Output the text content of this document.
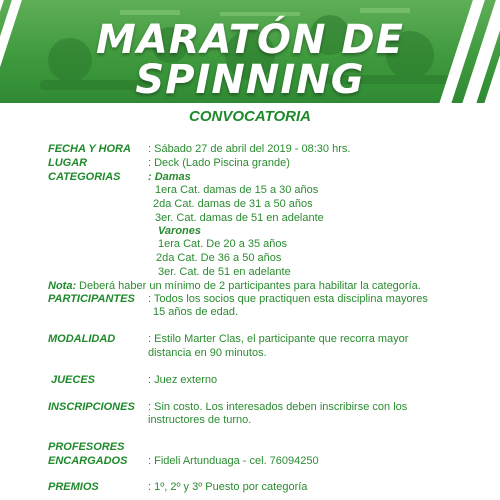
MARATÓN DE
SPINNING
CONVOCATORIA
FECHA Y HORA : Sábado 27 de abril del 2019 - 08:30 hrs.
LUGAR	: Deck (Lado Piscina grande)
CATEGORIAS : Damas
1era Cat. damas de 15 a 30 años
2da Cat. damas de 31 a 50 años
3er. Cat. damas de 51 en adelante
Varones
1era Cat. De 20 a 35 años
2da Cat. De 36 a 50 años
3er. Cat. de 51 en adelante
Nota: Deberá haber un mínimo de 2 participantes para habilitar la categoría.
PARTICIPANTES : Todos los socios que practiquen esta disciplina mayores
15 años de edad.
MODALIDAD	: Estilo Marter Clas, el participante que recorra mayor
distancia en 90 minutos.
JUECES	: Juez externo
INSCRIPCIONES : Sin costo. Los interesados deben inscribirse con los
instructores de turno.
PROFESORES
ENCARGADOS : Fideli Artunduaga - cel. 76094250
PREMIOS	: 1º, 2º y 3º Puesto por categoría
